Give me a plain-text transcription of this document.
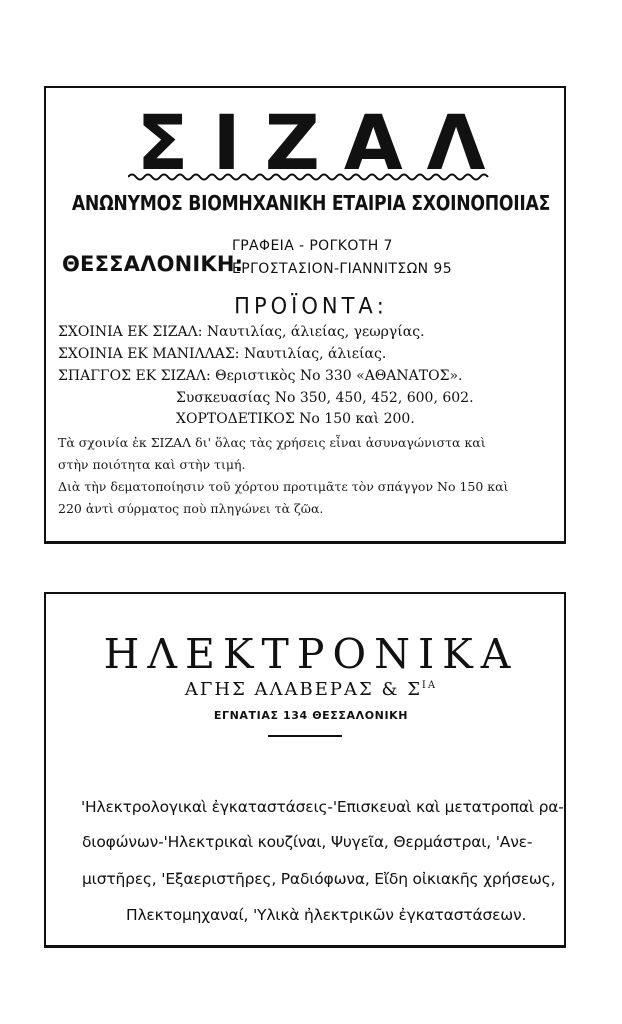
ΣΙΖΑΛ
ΑΝΩΝΥΜΟΣ ΒΙΟΜΗΧΑΝΙΚΗ ΕΤΑΙΡΙΑ ΣΧΟΙΝΟΠΟΙΙΑΣ
ΘΕΣΣΑΛΟΝΙΚΗ:
ΓΡΑΦΕΙΑ - ΡΟΓΚΟΤΗ 7
ΕΡΓΟΣΤΑΣΙΟΝ-ΓΙΑΝΝΙΤΣΩΝ 95
ΠΡΟΪΟΝΤΑ:
ΣΧΟΙΝΙΑ ΕΚ ΣΙΖΑΛ: Ναυτιλίας, άλιείας, γεωργίας.
ΣΧΟΙΝΙΑ ΕΚ ΜΑΝΙΛΛΑΣ: Ναυτιλίας, άλιείας.
ΣΠΑΓΓΟΣ ΕΚ ΣΙΖΑΛ: Θεριστικὸς Νο 330 «ΑΘΑΝΑΤΟΣ».
Συσκευασίας Νο 350, 450, 452, 600, 602.
ΧΟΡΤΟΔΕΤΙΚΟΣ Νο 150 καὶ 200.
Τὰ σχοινία ἐκ ΣΙΖΑΛ δι' ὅλας τὰς χρήσεις εἶναι ἀσυναγώνιστα καὶ
στὴν ποιότητα καὶ στὴν τιμή.
Διὰ τὴν δεματοποίησιν τοῦ χόρτου προτιμᾶτε τὸν σπάγγον Νο 150 καὶ
220 ἀντὶ σύρματος ποὺ πληγώνει τὰ ζῶα.
ΗΛΕΚΤΡΟΝΙΚΑ
ΑΓΗΣ ΑΛΑΒΕΡΑΣ & $\Sigma^{IA}$
ΕΓΝΑΤΙΑΣ 134 ΘΕΣΣΑΛΟΝΙΚΗ
'Ηλεκτρολογικαὶ ἐγκαταστάσεις-'Επισκευαὶ καὶ μετατροπαὶ ρα-
διοφώνων-'Ηλεκτρικαὶ κουζίναι, Ψυγεῖα, Θερμάστραι, 'Ανε-
μιστῆρες, 'Εξαεριστῆρες, Ραδιόφωνα, Εἴδη οἰκιακῆς χρήσεως,
Πλεκτομηχαναί, 'Υλικὰ ἠλεκτρικῶν ἐγκαταστάσεων.
